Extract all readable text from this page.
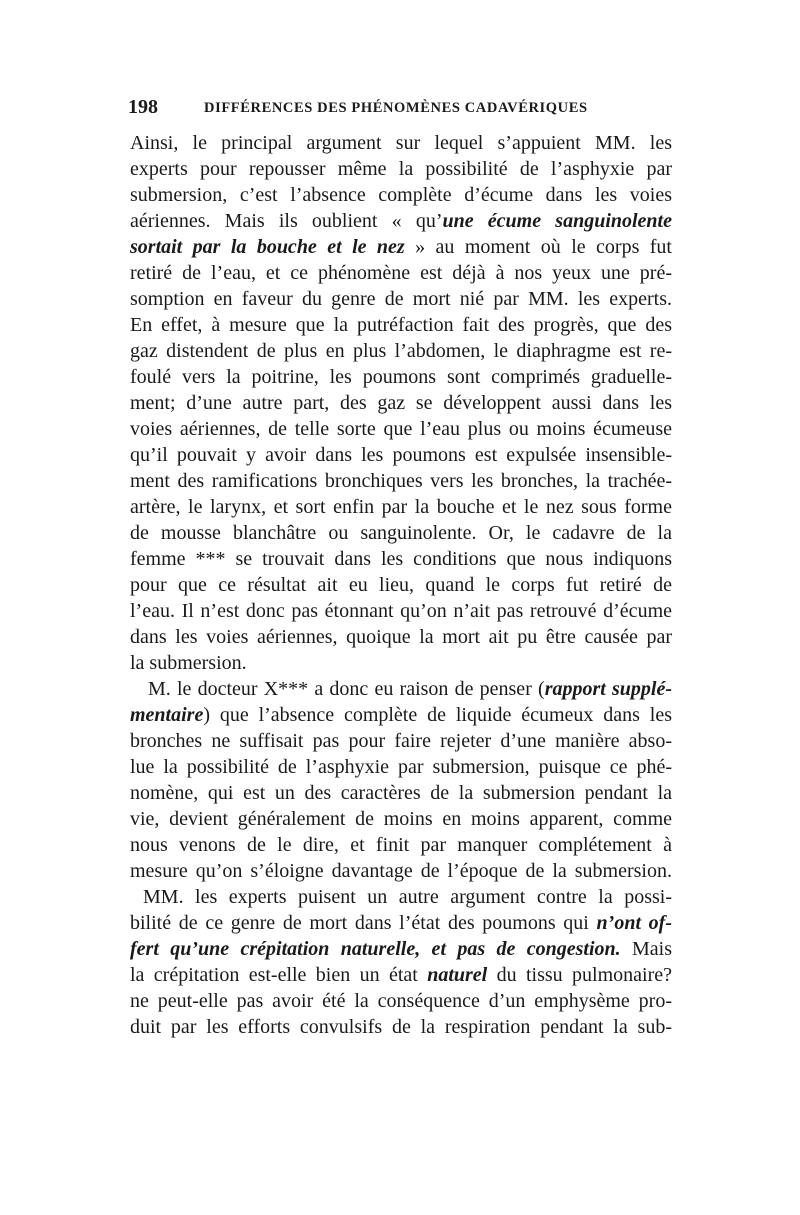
198	DIFFÉRENCES DES PHÉNOMÈNES CADAVÉRIQUES
Ainsi, le principal argument sur lequel s’appuient MM. les
experts pour repousser même la possibilité de l’asphyxie par
submersion, c’est l’absence complète d’écume dans les voies
aériennes. Mais ils oublient « qu’une écume sanguinolente
sortait par la bouche et le nez » au moment où le corps fut
retiré de l’eau, et ce phénomène est déjà à nos yeux une pré-
somption en faveur du genre de mort nié par MM. les experts.
En effet, à mesure que la putréfaction fait des progrès, que des
gaz distendent de plus en plus l’abdomen, le diaphragme est re-
foulé vers la poitrine, les poumons sont comprimés graduelle-
ment; d’une autre part, des gaz se développent aussi dans les
voies aériennes, de telle sorte que l’eau plus ou moins écumeuse
qu’il pouvait y avoir dans les poumons est expulsée insensible-
ment des ramifications bronchiques vers les bronches, la trachée-
artère, le larynx, et sort enfin par la bouche et le nez sous forme
de mousse blanchâtre ou sanguinolente. Or, le cadavre de la
femme *** se trouvait dans les conditions que nous indiquons
pour que ce résultat ait eu lieu, quand le corps fut retiré de
l’eau. Il n’est donc pas étonnant qu’on n’ait pas retrouvé d’écume
dans les voies aériennes, quoique la mort ait pu être causée par
la submersion.
M. le docteur X*** a donc eu raison de penser (rapport supplé-
mentaire) que l’absence complète de liquide écumeux dans les
bronches ne suffisait pas pour faire rejeter d’une manière abso-
lue la possibilité de l’asphyxie par submersion, puisque ce phé-
nomène, qui est un des caractères de la submersion pendant la
vie, devient généralement de moins en moins apparent, comme
nous venons de le dire, et finit par manquer complétement à
mesure qu’on s’éloigne davantage de l’époque de la submersion.
MM. les experts puisent un autre argument contre la possi-
bilité de ce genre de mort dans l’état des poumons qui n’ont of-
fert qu’une crépitation naturelle, et pas de congestion. Mais
la crépitation est-elle bien un état naturel du tissu pulmonaire?
ne peut-elle pas avoir été la conséquence d’un emphysème pro-
duit par les efforts convulsifs de la respiration pendant la sub-
